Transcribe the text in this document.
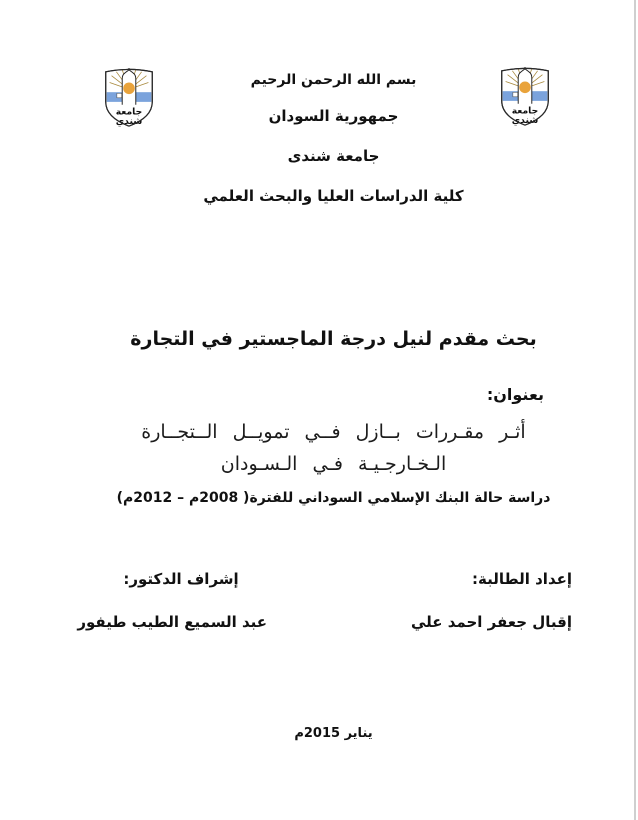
جامعة
شندي
جامعة
شندي
بسم الله الرحمن الرحيم
جمهورية السودان
جامعة شندى
كلية الدراسات العليا والبحث العلمي
بحث مقدم لنيل درجة الماجستير في التجارة
بعنوان:
أثـر مقـررات بــازل فــي تمويــل الــتجــارة
الـخـارجـيـة فـي الـسـودان
دراسة حالة البنك الإسلامي السوداني للفترة( 2008م – 2012م)
إعداد الطالبة:
إقبال جعفر احمد علي
إشراف الدكتور:
عبد السميع الطيب طيفور
يناير 2015م
